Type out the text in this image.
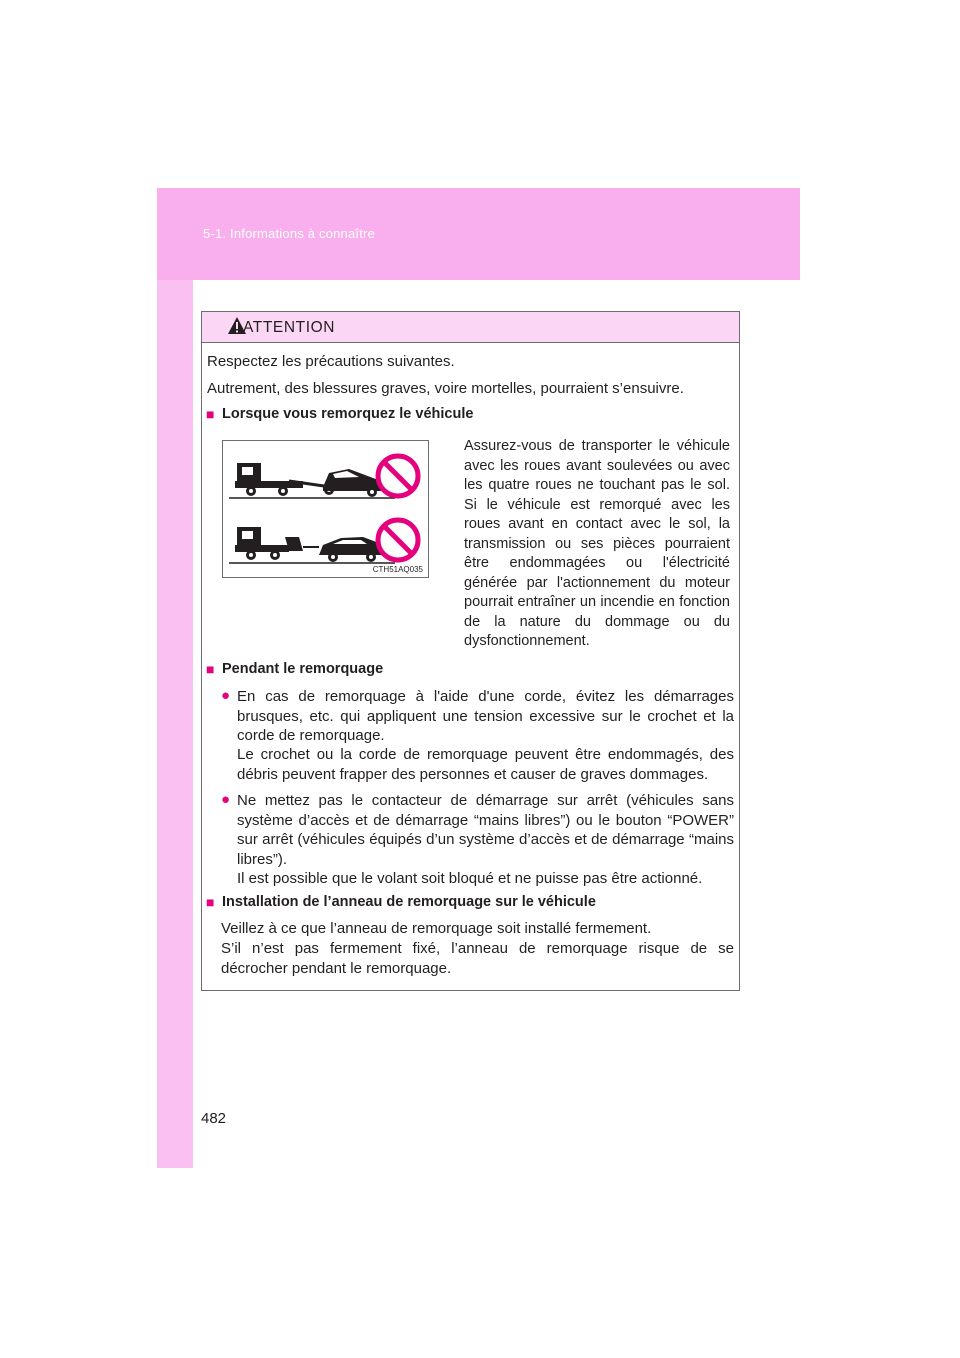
5-1. Informations à connaître
ATTENTION

Respectez les précautions suivantes.

Autrement, des blessures graves, voire mortelles, pourraient s’ensuivre.

■ Lorsque vous remorquez le véhicule
CTH51AQ035

Assurez-vous de transporter le véhicule avec les roues avant soulevées ou avec les quatre roues ne touchant pas le sol. Si le véhicule est remorqué avec les roues avant en contact avec le sol, la transmission ou ses pièces pourraient être endommagées ou l'électricité générée par l'actionnement du moteur pourrait entraîner un incendie en fonction de la nature du dommage ou du dysfonctionnement.

■ Pendant le remorquage
● En cas de remorquage à l'aide d'une corde, évitez les démarrages brusques, etc. qui appliquent une tension excessive sur le crochet et la corde de remorquage.

Le crochet ou la corde de remorquage peuvent être endommagés, des débris peuvent frapper des personnes et causer de graves dommages.

● Ne mettez pas le contacteur de démarrage sur arrêt (véhicules sans système d’accès et de démarrage “mains libres”) ou le bouton “POWER” sur arrêt (véhicules équipés d’un système d’accès et de démarrage “mains libres”).

Il est possible que le volant soit bloqué et ne puisse pas être actionné.

■ Installation de l’anneau de remorquage sur le véhicule

Veillez à ce que l’anneau de remorquage soit installé fermement.

S’il n’est pas fermement fixé, l’anneau de remorquage risque de se décrocher pendant le remorquage.

482
